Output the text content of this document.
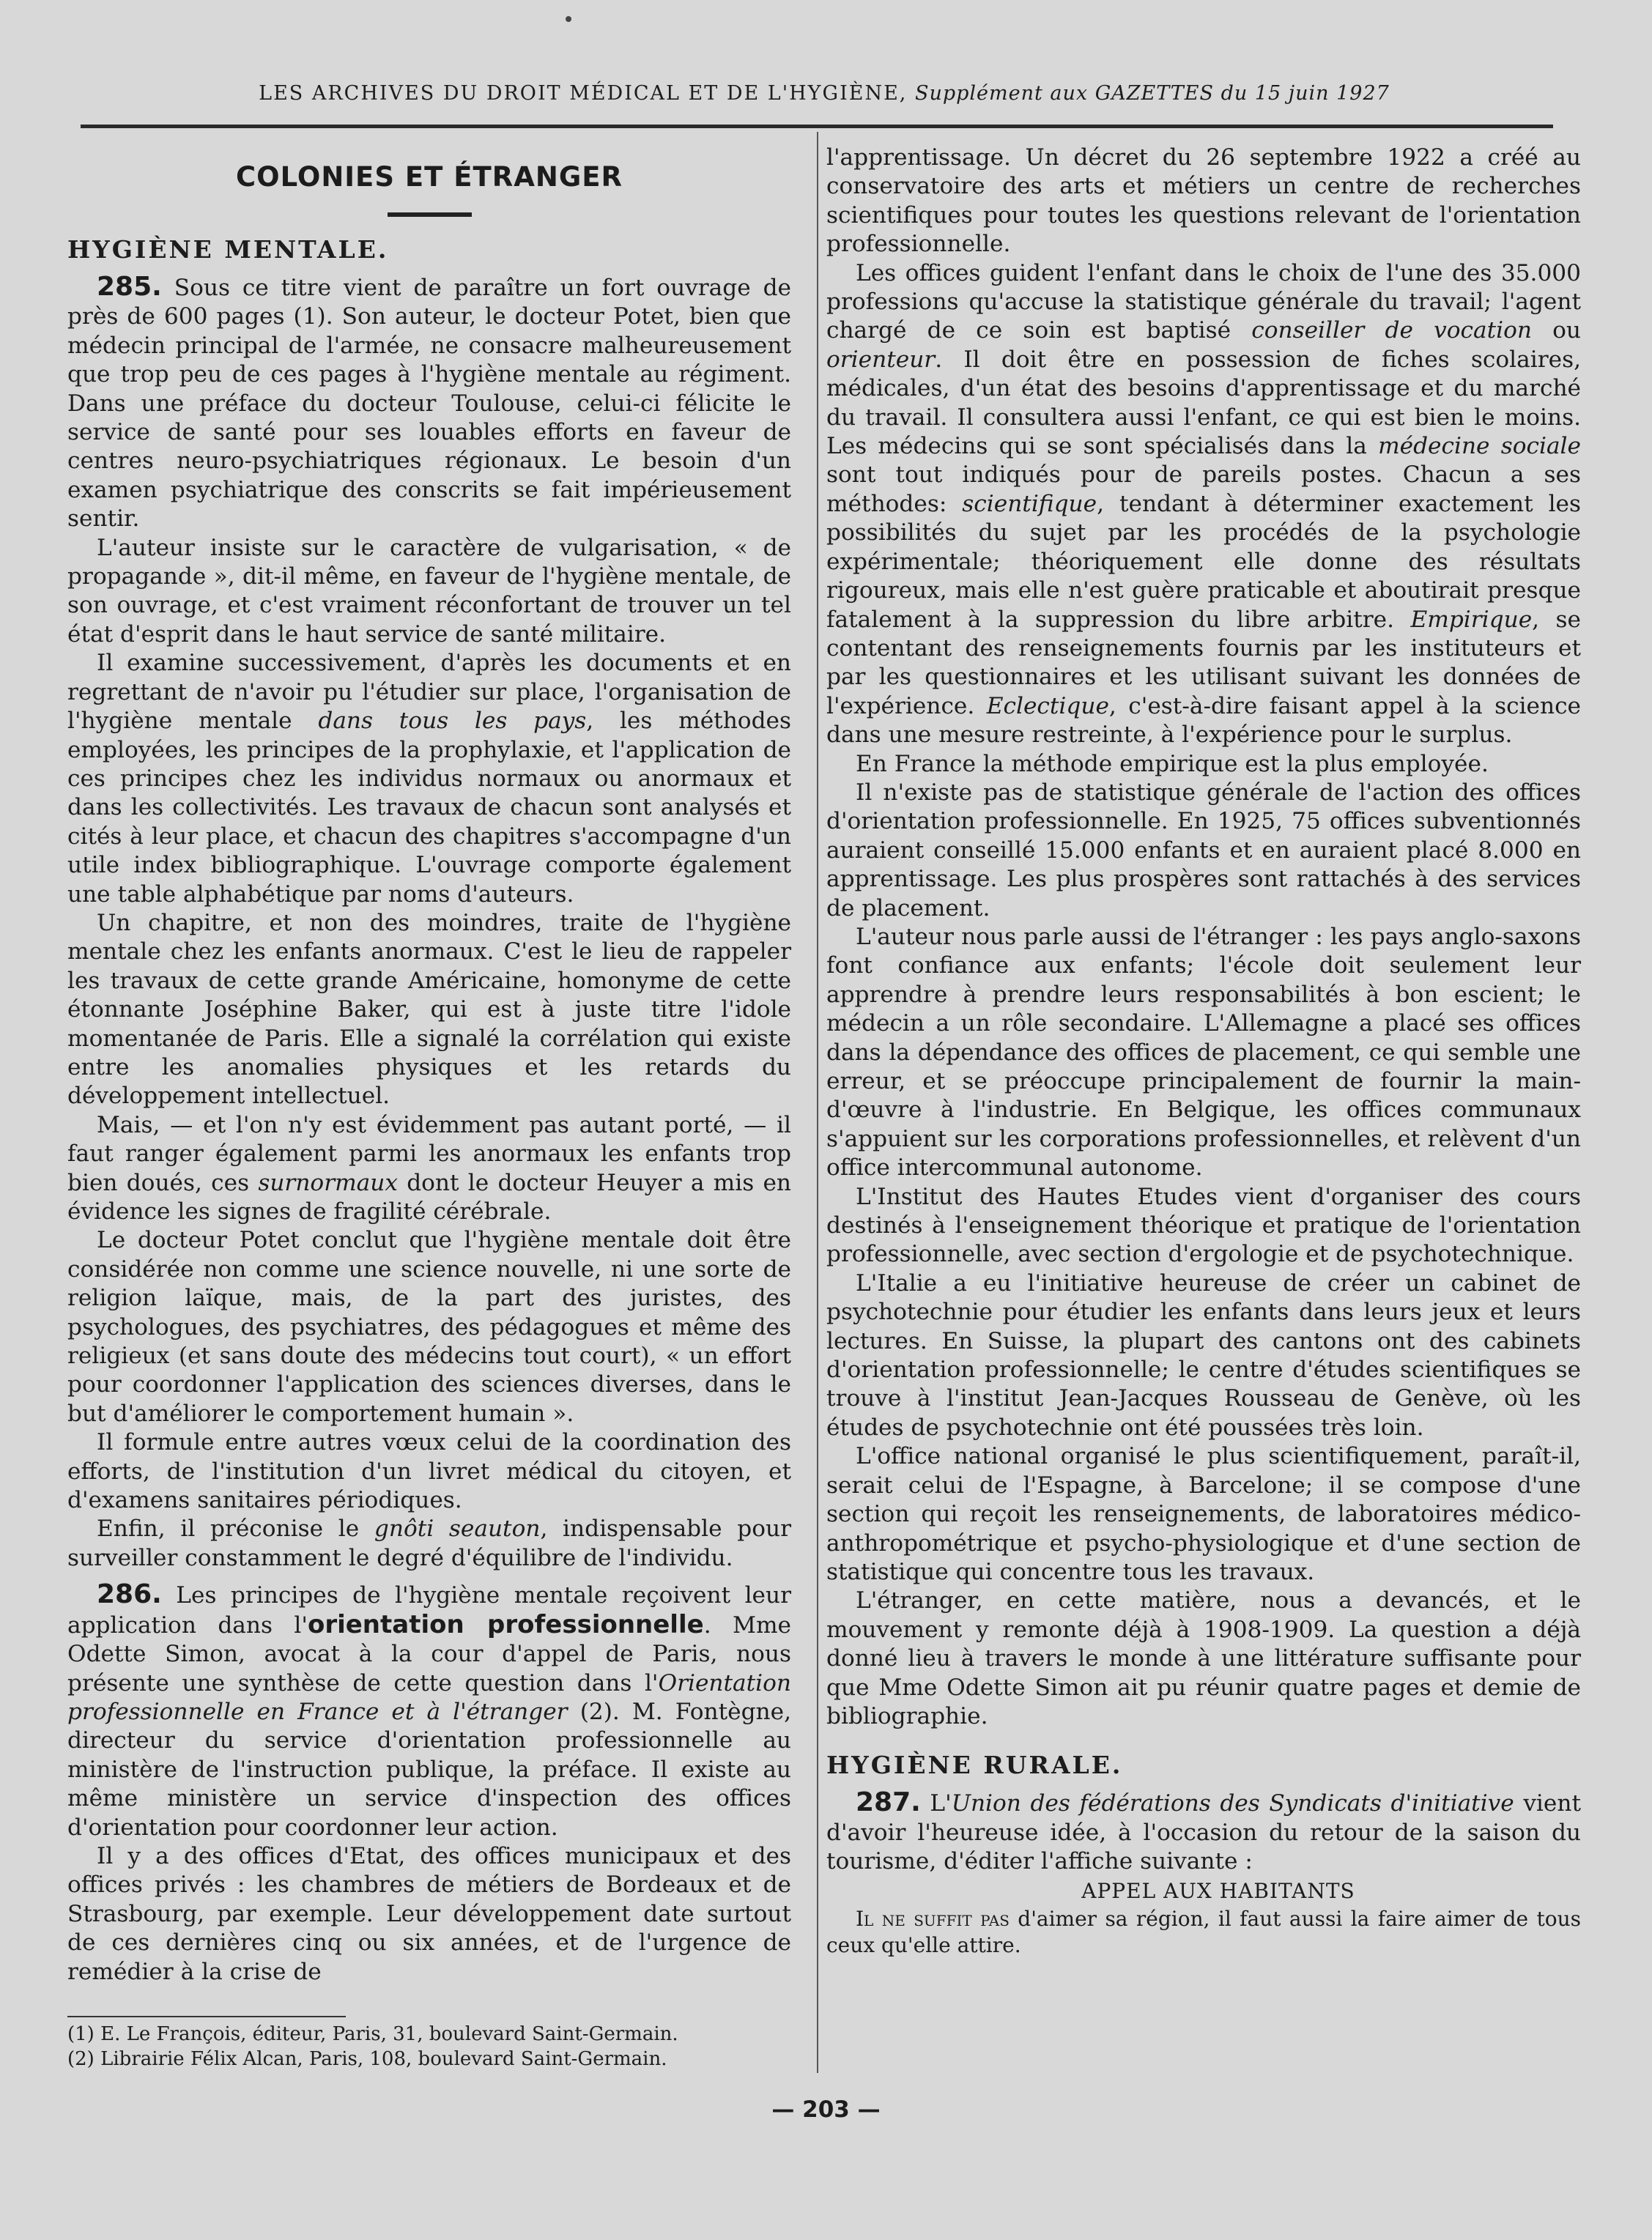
LES ARCHIVES DU DROIT MÉDICAL ET DE L'HYGIÈNE, Supplément aux GAZETTES du 15 juin 1927
COLONIES ET ÉTRANGER
HYGIÈNE MENTALE.

285. Sous ce titre vient de paraître un fort ouvrage de près de 600 pages (1). Son auteur, le docteur Potet, bien que médecin principal de l'armée, ne consacre malheureusement que trop peu de ces pages à l'hygiène mentale au régiment. Dans une préface du docteur Toulouse, celui-ci félicite le service de santé pour ses louables efforts en faveur de centres neuro-psychiatriques régionaux. Le besoin d'un examen psychiatrique des conscrits se fait impérieusement sentir.

L'auteur insiste sur le caractère de vulgarisation, « de propagande », dit-il même, en faveur de l'hygiène mentale, de son ouvrage, et c'est vraiment réconfortant de trouver un tel état d'esprit dans le haut service de santé militaire.

Il examine successivement, d'après les documents et en regrettant de n'avoir pu l'étudier sur place, l'organisation de l'hygiène mentale dans tous les pays, les méthodes employées, les principes de la prophylaxie, et l'application de ces principes chez les individus normaux ou anormaux et dans les collectivités. Les travaux de chacun sont analysés et cités à leur place, et chacun des chapitres s'accompagne d'un utile index bibliographique. L'ouvrage comporte également une table alphabétique par noms d'auteurs.

Un chapitre, et non des moindres, traite de l'hygiène mentale chez les enfants anormaux. C'est le lieu de rappeler les travaux de cette grande Américaine, homonyme de cette étonnante Joséphine Baker, qui est à juste titre l'idole momentanée de Paris. Elle a signalé la corrélation qui existe entre les anomalies physiques et les retards du développement intellectuel.

Mais, — et l'on n'y est évidemment pas autant porté, — il faut ranger également parmi les anormaux les enfants trop bien doués, ces surnormaux dont le docteur Heuyer a mis en évidence les signes de fragilité cérébrale.

Le docteur Potet conclut que l'hygiène mentale doit être considérée non comme une science nouvelle, ni une sorte de religion laïque, mais, de la part des juristes, des psychologues, des psychiatres, des pédagogues et même des religieux (et sans doute des médecins tout court), « un effort pour coordonner l'application des sciences diverses, dans le but d'améliorer le comportement humain ».

Il formule entre autres vœux celui de la coordination des efforts, de l'institution d'un livret médical du citoyen, et d'examens sanitaires périodiques.

Enfin, il préconise le gnôti seauton, indispensable pour surveiller constamment le degré d'équilibre de l'individu.

286. Les principes de l'hygiène mentale reçoivent leur application dans l'orientation professionnelle. Mme Odette Simon, avocat à la cour d'appel de Paris, nous présente une synthèse de cette question dans l'Orientation professionnelle en France et à l'étranger (2). M. Fontègne, directeur du service d'orientation professionnelle au ministère de l'instruction publique, la préface. Il existe au même ministère un service d'inspection des offices d'orientation pour coordonner leur action.

Il y a des offices d'Etat, des offices municipaux et des offices privés : les chambres de métiers de Bordeaux et de Strasbourg, par exemple. Leur développement date surtout de ces dernières cinq ou six années, et de l'urgence de remédier à la crise de

(1) E. Le François, éditeur, Paris, 31, boulevard Saint-Germain.
(2) Librairie Félix Alcan, Paris, 108, boulevard Saint-Germain.

l'apprentissage. Un décret du 26 septembre 1922 a créé au conservatoire des arts et métiers un centre de recherches scientifiques pour toutes les questions relevant de l'orientation professionnelle.

Les offices guident l'enfant dans le choix de l'une des 35.000 professions qu'accuse la statistique générale du travail; l'agent chargé de ce soin est baptisé conseiller de vocation ou orienteur. Il doit être en possession de fiches scolaires, médicales, d'un état des besoins d'apprentissage et du marché du travail. Il consultera aussi l'enfant, ce qui est bien le moins. Les médecins qui se sont spécialisés dans la médecine sociale sont tout indiqués pour de pareils postes. Chacun a ses méthodes: scientifique, tendant à déterminer exactement les possibilités du sujet par les procédés de la psychologie expérimentale; théoriquement elle donne des résultats rigoureux, mais elle n'est guère praticable et aboutirait presque fatalement à la suppression du libre arbitre. Empirique, se contentant des renseignements fournis par les instituteurs et par les questionnaires et les utilisant suivant les données de l'expérience. Eclectique, c'est-à-dire faisant appel à la science dans une mesure restreinte, à l'expérience pour le surplus.

En France la méthode empirique est la plus employée.

Il n'existe pas de statistique générale de l'action des offices d'orientation professionnelle. En 1925, 75 offices subventionnés auraient conseillé 15.000 enfants et en auraient placé 8.000 en apprentissage. Les plus prospères sont rattachés à des services de placement.

L'auteur nous parle aussi de l'étranger : les pays anglo-saxons font confiance aux enfants; l'école doit seulement leur apprendre à prendre leurs responsabilités à bon escient; le médecin a un rôle secondaire. L'Allemagne a placé ses offices dans la dépendance des offices de placement, ce qui semble une erreur, et se préoccupe principalement de fournir la main-d'œuvre à l'industrie. En Belgique, les offices communaux s'appuient sur les corporations professionnelles, et relèvent d'un office intercommunal autonome.

L'Institut des Hautes Etudes vient d'organiser des cours destinés à l'enseignement théorique et pratique de l'orientation professionnelle, avec section d'ergologie et de psychotechnique.

L'Italie a eu l'initiative heureuse de créer un cabinet de psychotechnie pour étudier les enfants dans leurs jeux et leurs lectures. En Suisse, la plupart des cantons ont des cabinets d'orientation professionnelle; le centre d'études scientifiques se trouve à l'institut Jean-Jacques Rousseau de Genève, où les études de psychotechnie ont été poussées très loin.

L'office national organisé le plus scientifiquement, paraît-il, serait celui de l'Espagne, à Barcelone; il se compose d'une section qui reçoit les renseignements, de laboratoires médico-anthropométrique et psycho-physiologique et d'une section de statistique qui concentre tous les travaux.

L'étranger, en cette matière, nous a devancés, et le mouvement y remonte déjà à 1908-1909. La question a déjà donné lieu à travers le monde à une littérature suffisante pour que Mme Odette Simon ait pu réunir quatre pages et demie de bibliographie.

HYGIÈNE RURALE.

287. L'Union des fédérations des Syndicats d'initiative vient d'avoir l'heureuse idée, à l'occasion du retour de la saison du tourisme, d'éditer l'affiche suivante :

APPEL AUX HABITANTS

Il ne suffit pas d'aimer sa région, il faut aussi la faire aimer de tous ceux qu'elle attire.

— 203 —
